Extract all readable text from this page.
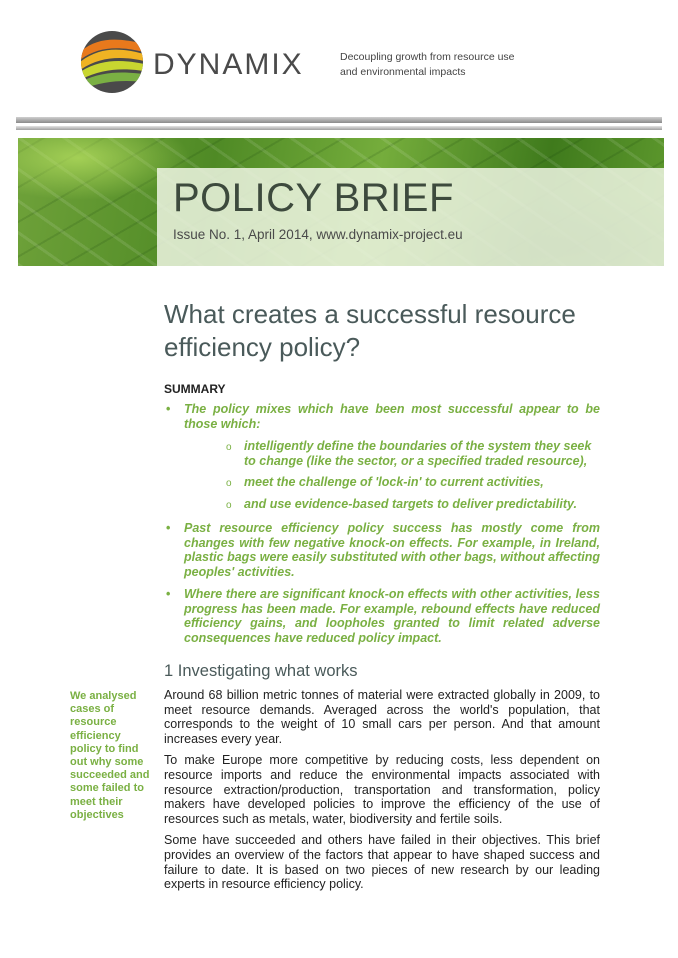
DYNAMIX	Decoupling growth from resource use
and environmental impacts
POLICY BRIEF
Issue No. 1, April 2014, www.dynamix-project.eu
What creates a successful resource efficiency policy?
SUMMARY
• The policy mixes which have been most successful appear to be those which:
o intelligently define the boundaries of the system they seek to change (like the sector, or a specified traded resource),
o meet the challenge of 'lock-in' to current activities,
o and use evidence-based targets to deliver predictability.
• Past resource efficiency policy success has mostly come from changes with few negative knock-on effects. For example, in Ireland, plastic bags were easily substituted with other bags, without affecting peoples' activities.
• Where there are significant knock-on effects with other activities, less progress has been made. For example, rebound effects have reduced efficiency gains, and loopholes granted to limit related adverse consequences have reduced policy impact.
1 Investigating what works
We analysed cases of resource efficiency policy to find out why some succeeded and some failed to meet their objectives

Around 68 billion metric tonnes of material were extracted globally in 2009, to meet resource demands. Averaged across the world's population, that corresponds to the weight of 10 small cars per person. And that amount increases every year.

To make Europe more competitive by reducing costs, less dependent on resource imports and reduce the environmental impacts associated with resource extraction/production, transportation and transformation, policy makers have developed policies to improve the efficiency of the use of resources such as metals, water, biodiversity and fertile soils.

Some have succeeded and others have failed in their objectives. This brief provides an overview of the factors that appear to have shaped success and failure to date. It is based on two pieces of new research by our leading experts in resource efficiency policy.
